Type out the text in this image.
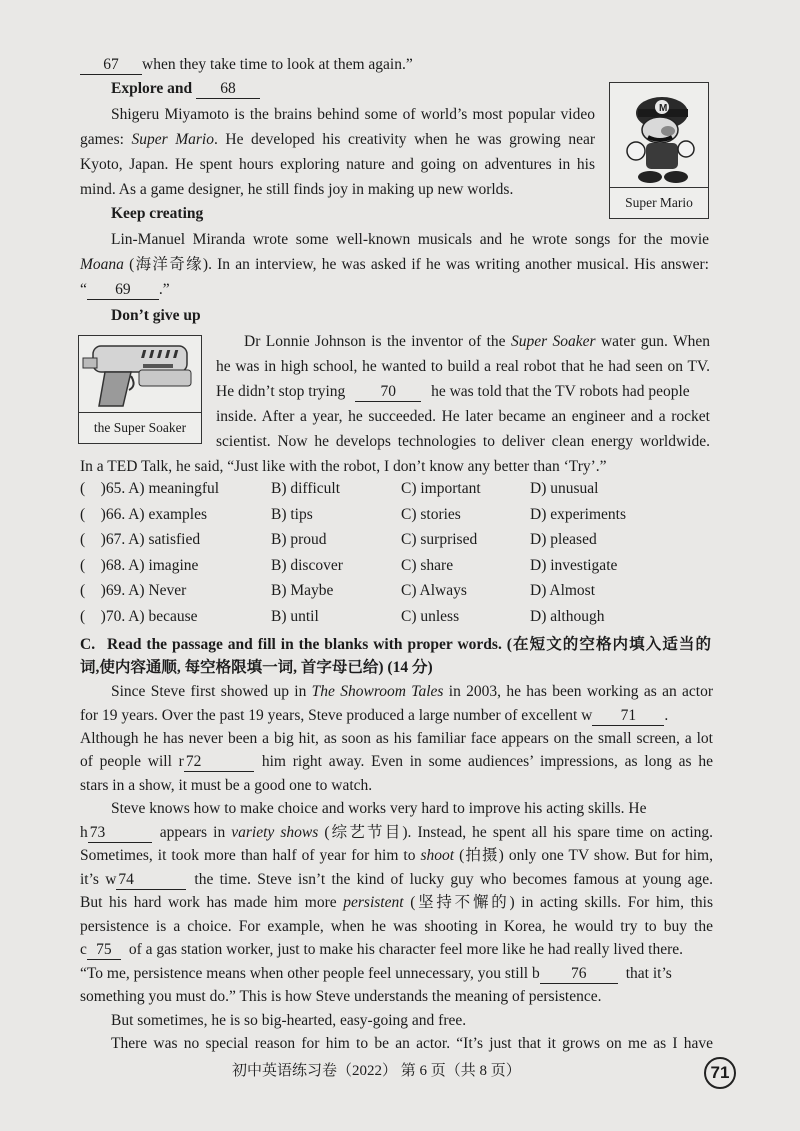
67 when they take time to look at them again.”
Explore and 68
Shigeru Miyamoto is the brains behind some of world’s most popular video
games: Super Mario. He developed his creativity when he was growing near
Kyoto, Japan. He spent hours exploring nature and going on adventures in his
mind. As a game designer, he still finds joy in making up new worlds.
M
Super Mario
Keep creating
Lin-Manuel Miranda wrote some well-known musicals and he wrote songs for the movie
Moana (海洋奇缘). In an interview, he was asked if he was writing another musical. His answer:
“ 69 .”
Don’t give up
the Super Soaker
Dr Lonnie Johnson is the inventor of the Super Soaker water gun. When
he was in high school, he wanted to build a real robot that he had seen on TV.
He didn’t stop trying 70 he was told that the TV robots had people
inside. After a year, he succeeded. He later became an engineer and a rocket
scientist. Now he develops technologies to deliver clean energy worldwide.
In a TED Talk, he said, “Just like with the robot, I don’t know any better than ‘Try’.”
(    )65. A) meaningful	B) difficult	C) important	D) unusual
(    )66. A) examples	B) tips	C) stories	D) experiments
(    )67. A) satisfied	B) proud	C) surprised	D) pleased
(    )68. A) imagine	B) discover	C) share	D) investigate
(    )69. A) Never	B) Maybe	C) Always	D) Almost
(    )70. A) because	B) until	C) unless	D) although
C. Read the passage and fill in the blanks with proper words. (在短文的空格内填入适当的
词,使内容通顺, 每空格限填一词, 首字母已给) (14 分)
Since Steve first showed up in The Showroom Tales in 2003, he has been working as an actor
for 19 years. Over the past 19 years, Steve produced a large number of excellent w 71 .
Although he has never been a big hit, as soon as his familiar face appears on the small screen, a lot
of people will r 72	him right away. Even in some audiences’ impressions, as long as he
stars in a show, it must be a good one to watch.
Steve knows how to make choice and works very hard to improve his acting skills. He
h 73	appears in variety shows (综艺节目). Instead, he spent all his spare time on acting.
Sometimes, it took more than half of year for him to shoot (拍摄) only one TV show. But for him,
it’s w 74	the time. Steve isn’t the kind of lucky guy who becomes famous at young age.
But his hard work has made him more persistent (坚持不懈的) in acting skills. For him, this
persistence is a choice. For example, when he was shooting in Korea, he would try to buy the
c 75 of a gas station worker, just to make his character feel more like he had really lived there.
“To me, persistence means when other people feel unnecessary, you still b 76	that it’s
something you must do.” This is how Steve understands the meaning of persistence.
But sometimes, he is so big-hearted, easy-going and free.
There was no special reason for him to be an actor. “It’s just that it grows on me as I have
初中英语练习卷（2022） 第 6 页（共 8 页）	71
